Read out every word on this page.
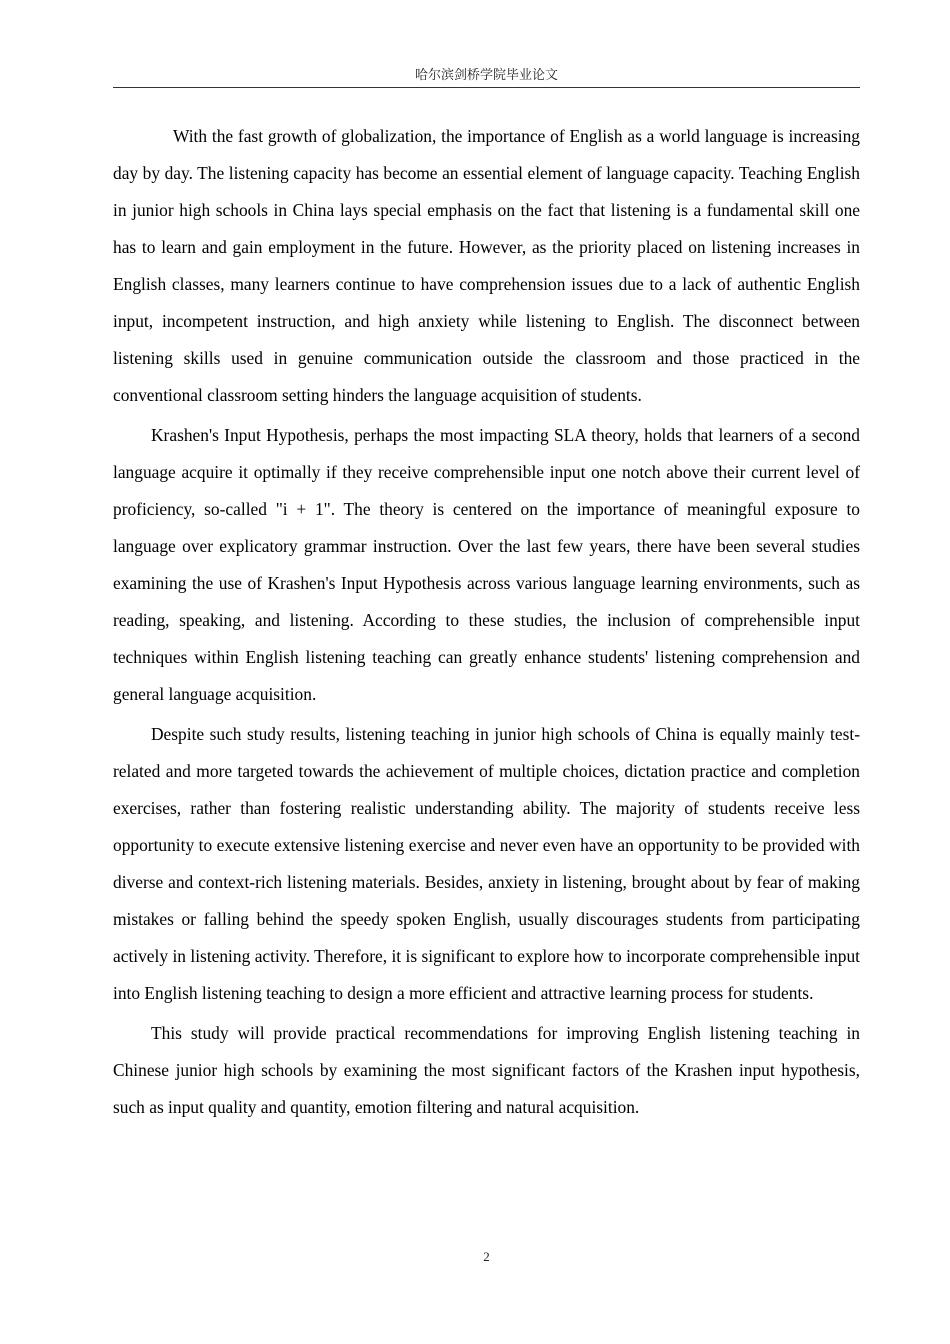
哈尔滨剑桥学院毕业论文

With the fast growth of globalization, the importance of English as a world language is increasing day by day. The listening capacity has become an essential element of language capacity. Teaching English in junior high schools in China lays special emphasis on the fact that listening is a fundamental skill one has to learn and gain employment in the future. However, as the priority placed on listening increases in English classes, many learners continue to have comprehension issues due to a lack of authentic English input, incompetent instruction, and high anxiety while listening to English. The disconnect between listening skills used in genuine communication outside the classroom and those practiced in the conventional classroom setting hinders the language acquisition of students.

Krashen's Input Hypothesis, perhaps the most impacting SLA theory, holds that learners of a second language acquire it optimally if they receive comprehensible input one notch above their current level of proficiency, so-called "i + 1". The theory is centered on the importance of meaningful exposure to language over explicatory grammar instruction. Over the last few years, there have been several studies examining the use of Krashen's Input Hypothesis across various language learning environments, such as reading, speaking, and listening. According to these studies, the inclusion of comprehensible input techniques within English listening teaching can greatly enhance students' listening comprehension and general language acquisition.

Despite such study results, listening teaching in junior high schools of China is equally mainly test-related and more targeted towards the achievement of multiple choices, dictation practice and completion exercises, rather than fostering realistic understanding ability. The majority of students receive less opportunity to execute extensive listening exercise and never even have an opportunity to be provided with diverse and context-rich listening materials. Besides, anxiety in listening, brought about by fear of making mistakes or falling behind the speedy spoken English, usually discourages students from participating actively in listening activity. Therefore, it is significant to explore how to incorporate comprehensible input into English listening teaching to design a more efficient and attractive learning process for students.

This study will provide practical recommendations for improving English listening teaching in Chinese junior high schools by examining the most significant factors of the Krashen input hypothesis, such as input quality and quantity, emotion filtering and natural acquisition.

2
